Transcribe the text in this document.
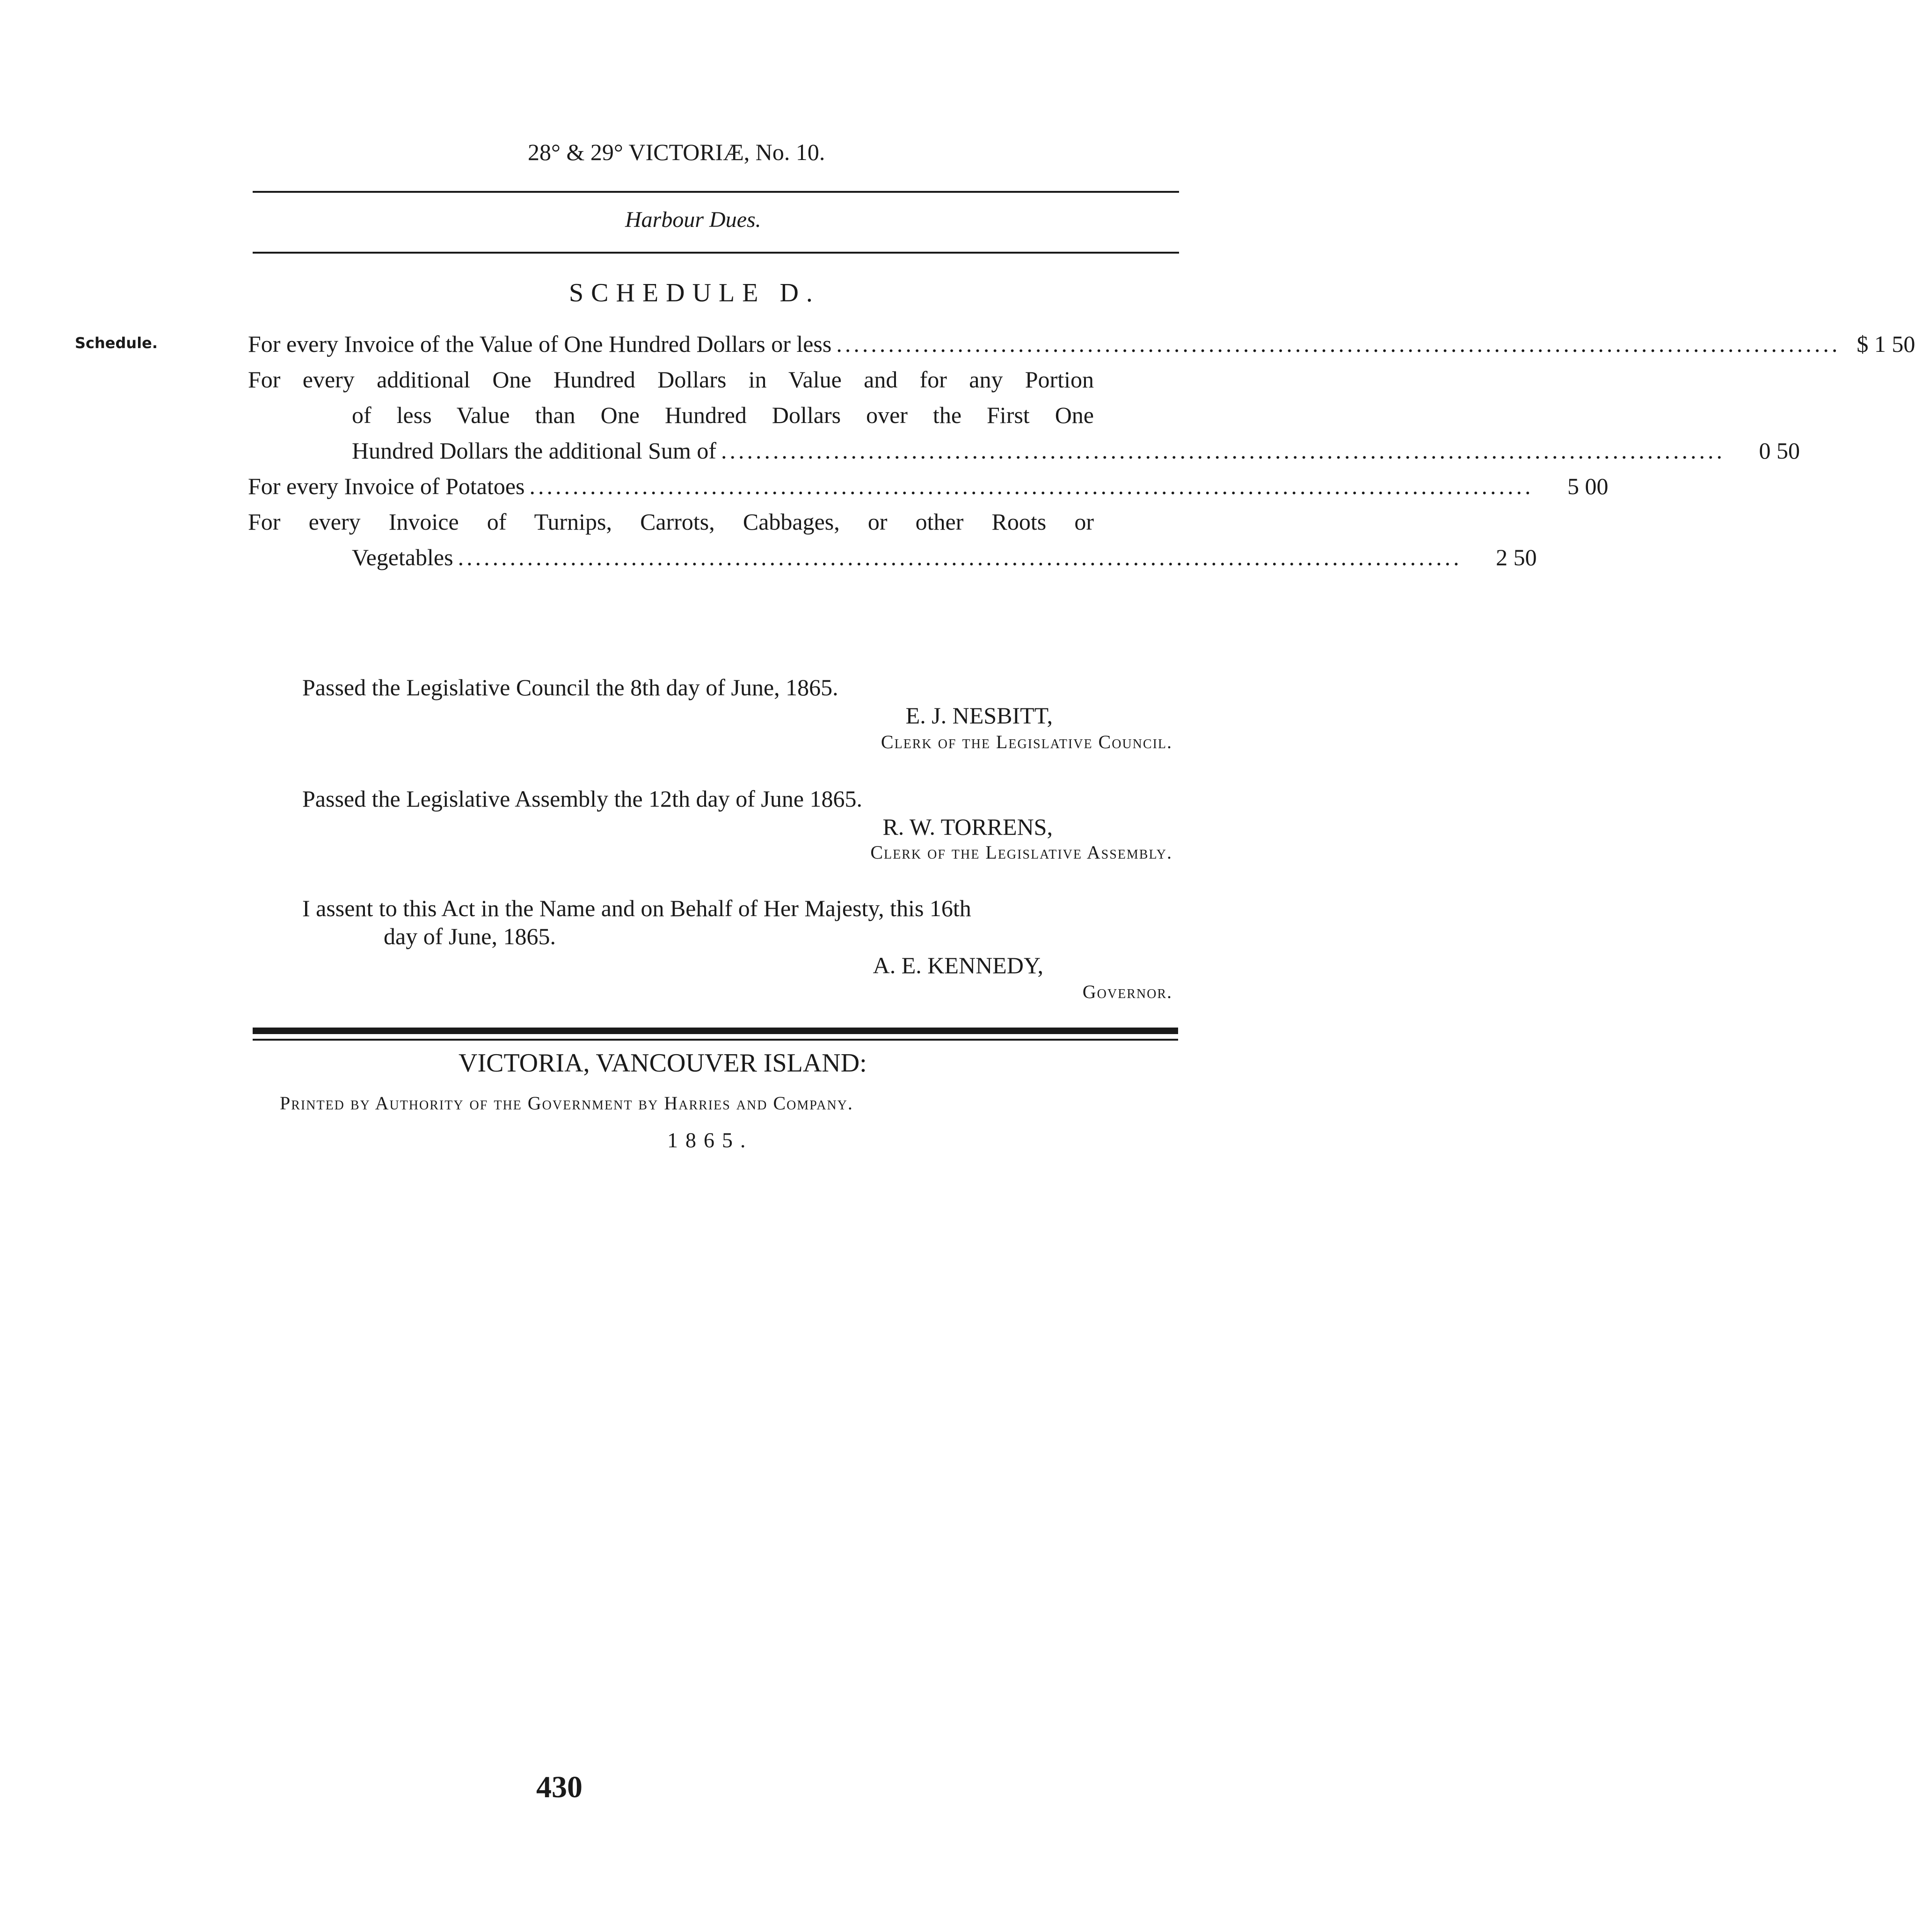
28° & 29° VICTORIÆ, No. 10.
Harbour Dues.
SCHEDULE D.
Schedule.	For every Invoice of the Value of One Hundred Dollars or less .................................................................................................................... $ 1 50
For every additional One Hundred Dollars in Value and for any Portion
of less Value than One Hundred Dollars over the First One
Hundred Dollars the additional Sum of ....................................................................................................................	0 50
For every Invoice of Potatoes ....................................................................................................................	5 00
For every Invoice of Turnips, Carrots, Cabbages, or other Roots or
Vegetables ....................................................................................................................	2 50
Passed the Legislative Council the 8th day of June, 1865.
E. J. NESBITT,
Clerk of the Legislative Council.
Passed the Legislative Assembly the 12th day of June 1865.
R. W. TORRENS,
Clerk of the Legislative Assembly.
I assent to this Act in the Name and on Behalf of Her Majesty, this 16th
day of June, 1865.
A. E. KENNEDY,
Governor.
VICTORIA, VANCOUVER ISLAND:
Printed by Authority of the Government by Harries and Company.
1865.
430
